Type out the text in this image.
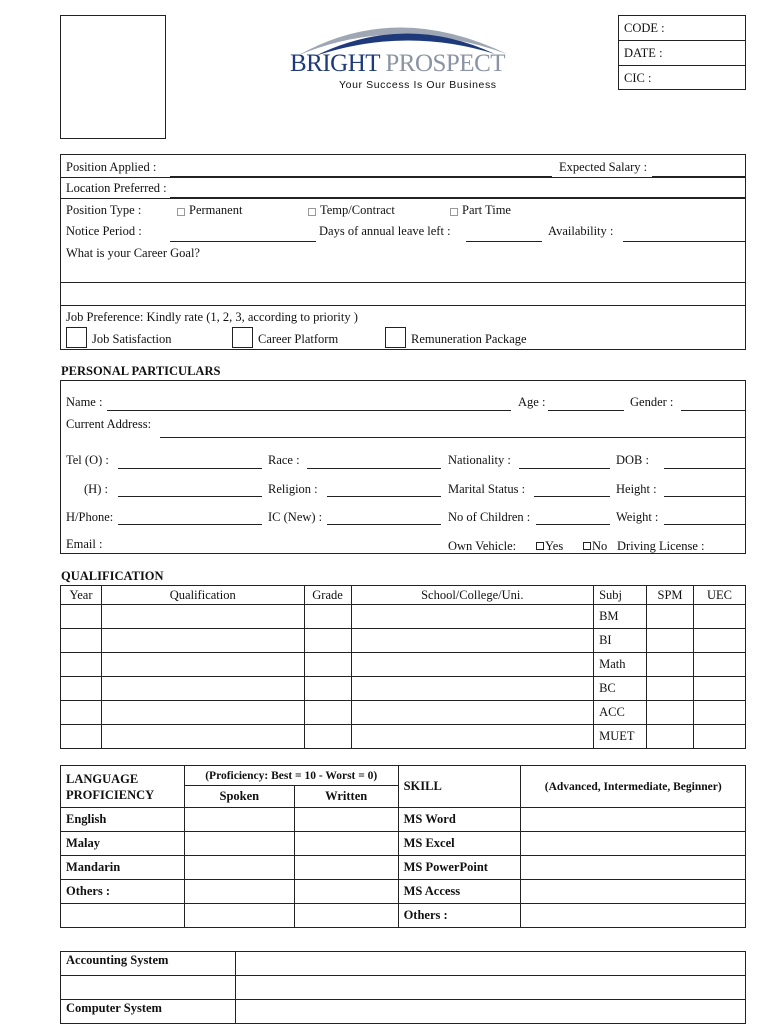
BRIGHT PROSPECT
Your Success Is Our Business
CODE :
DATE :
CIC :
Position Applied :	Expected Salary :
Location Preferred :
Position Type :	Permanent	Temp/Contract	Part Time
Notice Period :	Days of annual leave left :	Availability :
What is your Career Goal?
Job Preference: Kindly rate (1, 2, 3, according to priority )
Job Satisfaction	Career Platform	Remuneration Package
PERSONAL PARTICULARS
Name :	Age :	Gender :
Current Address:
Tel (O) :	Race :	Nationality :	DOB :
(H) :	Religion :	Marital Status :	Height :
H/Phone:	IC (New) :	No of Children :	Weight :
Email :	Own Vehicle: Yes No Driving License :
QUALIFICATION
Year	Qualification	Grade	School/College/Uni.	Subj	SPM	UEC
				BM		
				BI		
				Math		
				BC		
				ACC		
				MUET		
LANGUAGE PROFICIENCY	(Proficiency: Best = 10 - Worst = 0)		SKILL	(Advanced, Intermediate, Beginner)
	Spoken	Written		
English			MS Word	
Malay			MS Excel	
Mandarin			MS PowerPoint	
Others :			MS Access	
			Others :	
Accounting System	

Computer System	
